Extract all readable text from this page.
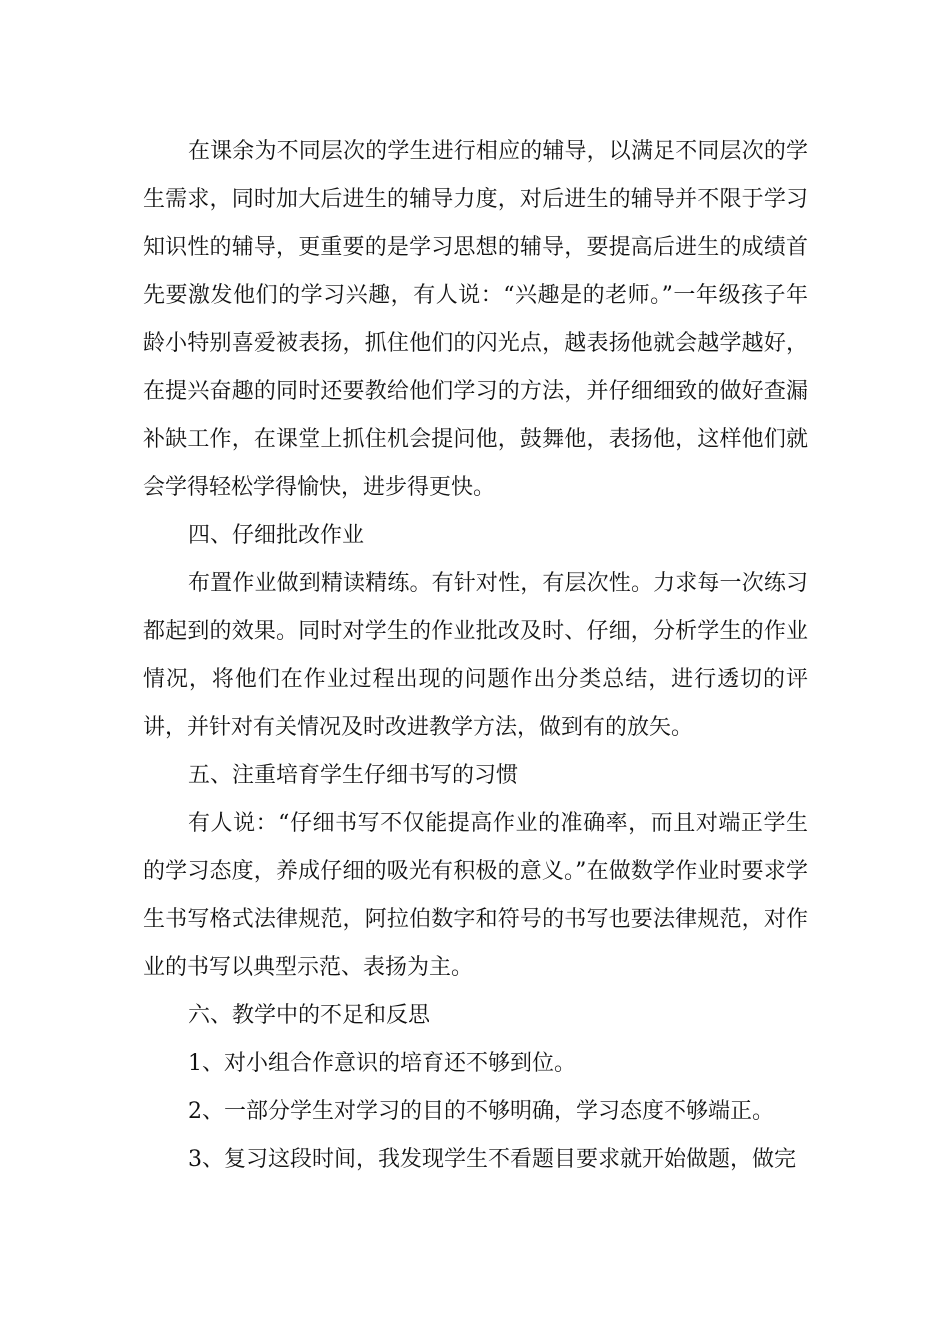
在课余为不同层次的学生进行相应的辅导，以满足不同层次的学生需求，同时加大后进生的辅导力度，对后进生的辅导并不限于学习知识性的辅导，更重要的是学习思想的辅导，要提高后进生的成绩首先要激发他们的学习兴趣，有人说：“兴趣是的老师。”一年级孩子年龄小特别喜爱被表扬，抓住他们的闪光点，越表扬他就会越学越好，在提兴奋趣的同时还要教给他们学习的方法，并仔细细致的做好查漏补缺工作，在课堂上抓住机会提问他，鼓舞他，表扬他，这样他们就会学得轻松学得愉快，进步得更快。

四、仔细批改作业

布置作业做到精读精练。有针对性，有层次性。力求每一次练习都起到的效果。同时对学生的作业批改及时、仔细，分析学生的作业情况，将他们在作业过程出现的问题作出分类总结，进行透切的评讲，并针对有关情况及时改进教学方法，做到有的放矢。

五、注重培育学生仔细书写的习惯

有人说：“仔细书写不仅能提高作业的准确率，而且对端正学生的学习态度，养成仔细的吸光有积极的意义。”在做数学作业时要求学生书写格式法律规范，阿拉伯数字和符号的书写也要法律规范，对作业的书写以典型示范、表扬为主。

六、教学中的不足和反思

1、对小组合作意识的培育还不够到位。

2、一部分学生对学习的目的不够明确，学习态度不够端正。

3、复习这段时间，我发现学生不看题目要求就开始做题，做完
